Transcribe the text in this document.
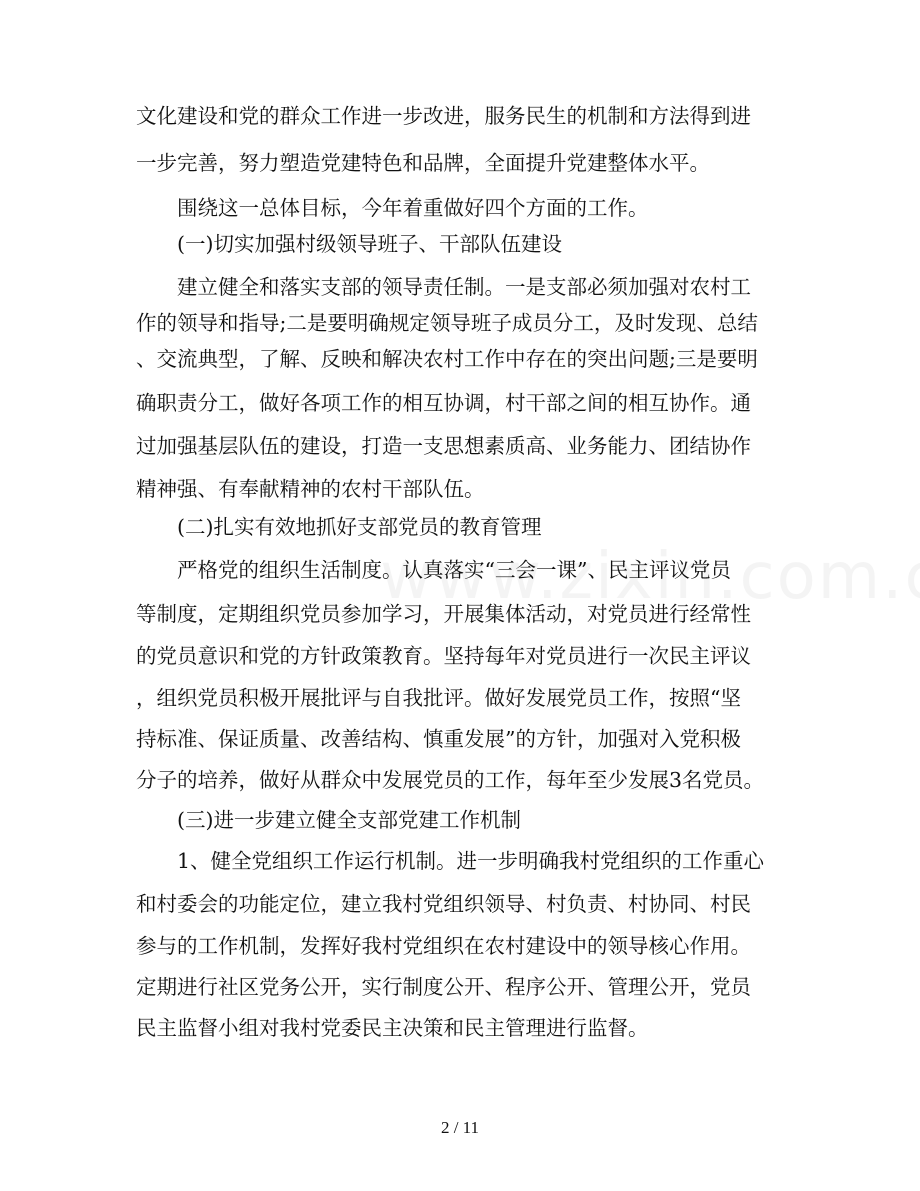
文化建设和党的群众工作进一步改进，服务民生的机制和方法得到进

一步完善，努力塑造党建特色和品牌，全面提升党建整体水平。

围绕这一总体目标，今年着重做好四个方面的工作。

(一)切实加强村级领导班子、干部队伍建设

建立健全和落实支部的领导责任制。一是支部必须加强对农村工

作的领导和指导;二是要明确规定领导班子成员分工，及时发现、总结

、交流典型，了解、反映和解决农村工作中存在的突出问题;三是要明

确职责分工，做好各项工作的相互协调，村干部之间的相互协作。通

过加强基层队伍的建设，打造一支思想素质高、业务能力、团结协作

精神强、有奉献精神的农村干部队伍。

(二)扎实有效地抓好支部党员的教育管理

严格党的组织生活制度。认真落实“三会一课”、民主评议党员

等制度，定期组织党员参加学习，开展集体活动，对党员进行经常性

的党员意识和党的方针政策教育。坚持每年对党员进行一次民主评议

，组织党员积极开展批评与自我批评。做好发展党员工作，按照“坚

持标准、保证质量、改善结构、慎重发展”的方针，加强对入党积极

分子的培养，做好从群众中发展党员的工作，每年至少发展3名党员。

(三)进一步建立健全支部党建工作机制

1、健全党组织工作运行机制。进一步明确我村党组织的工作重心

和村委会的功能定位，建立我村党组织领导、村负责、村协同、村民

参与的工作机制，发挥好我村党组织在农村建设中的领导核心作用。

定期进行社区党务公开，实行制度公开、程序公开、管理公开，党员

民主监督小组对我村党委民主决策和民主管理进行监督。

2 / 11
